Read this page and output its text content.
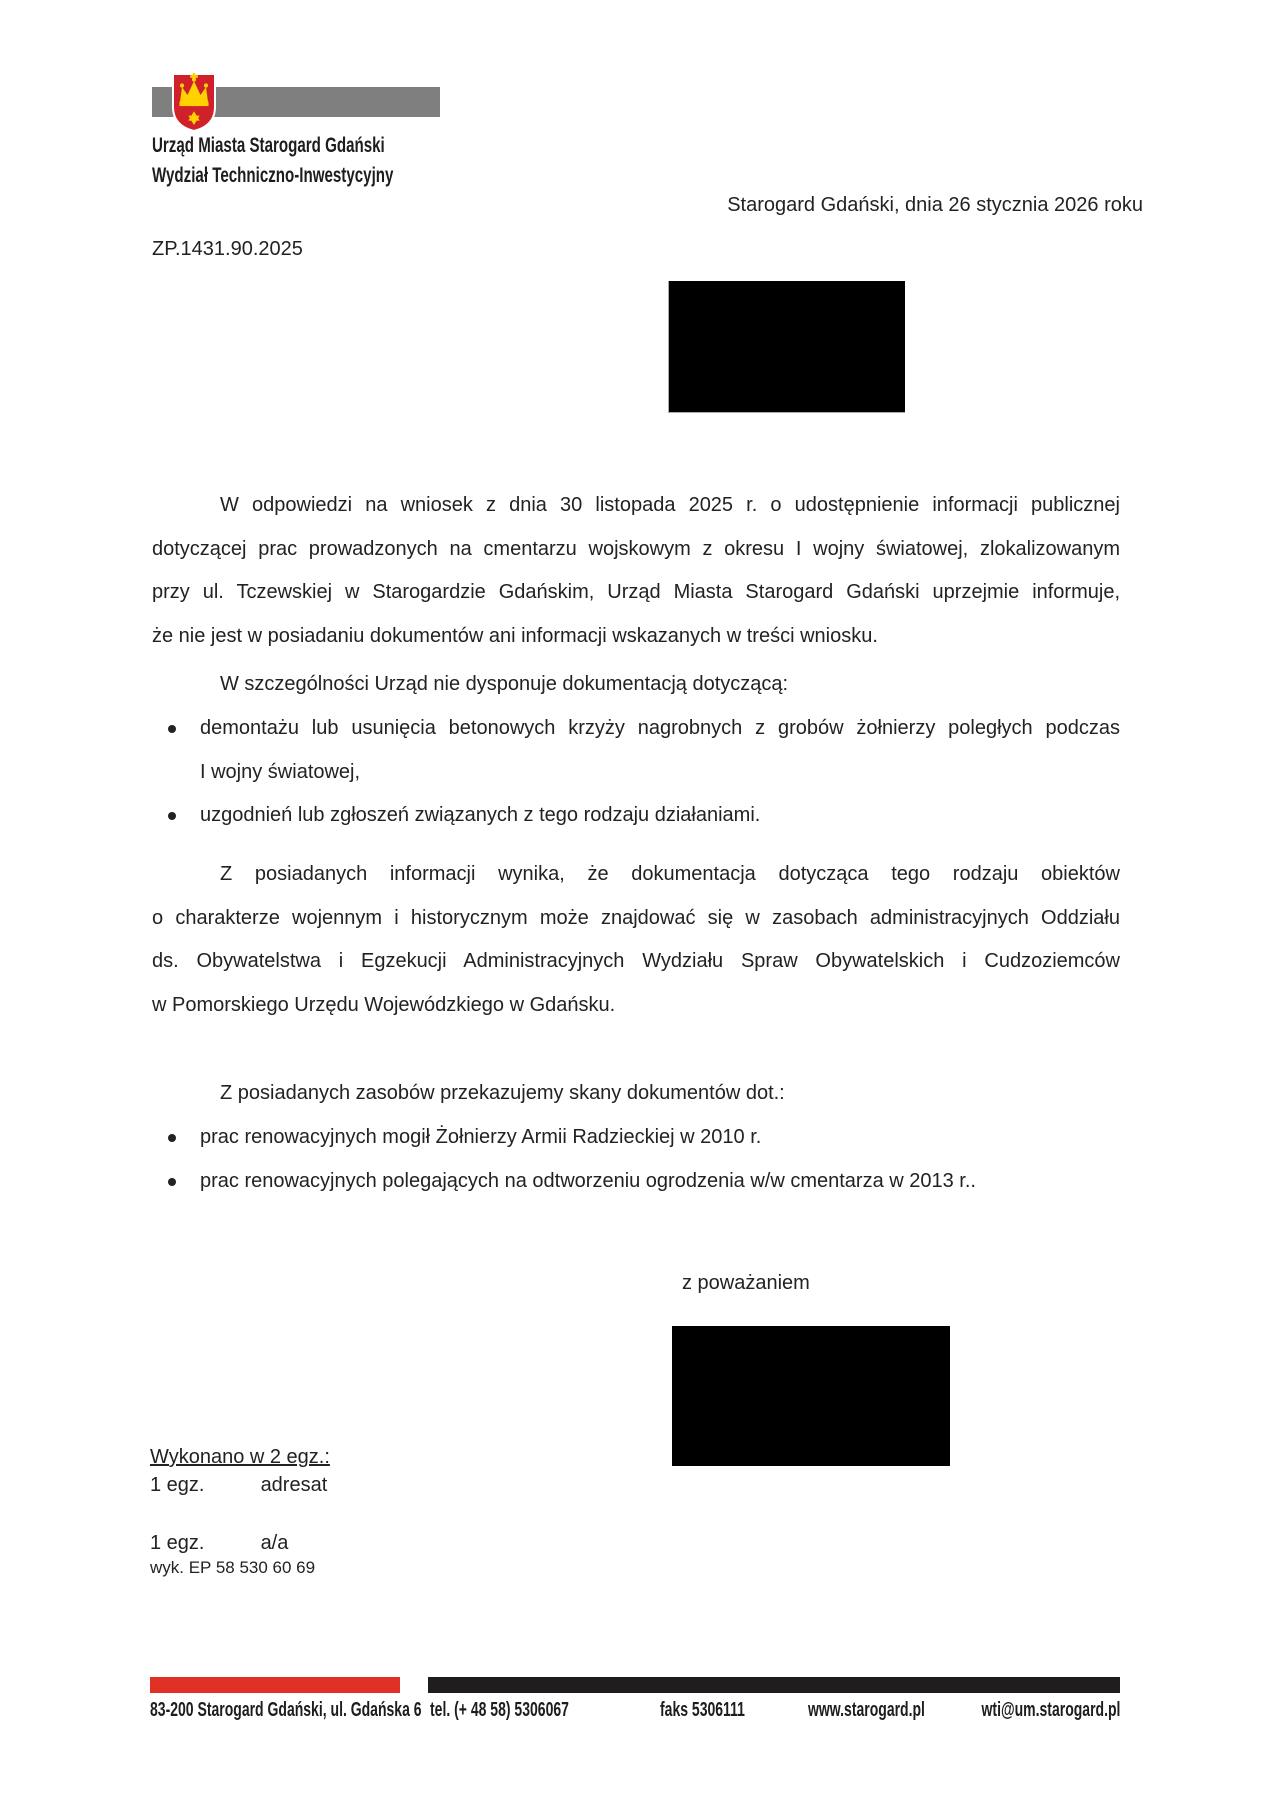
Urząd Miasta Starogard Gdański
Wydział Techniczno-Inwestycyjny
Starogard Gdański, dnia 26 stycznia 2026 roku
ZP.1431.90.2025
W odpowiedzi na wniosek z dnia 30 listopada 2025 r. o udostępnienie informacji publicznej
dotyczącej prac prowadzonych na cmentarzu wojskowym z okresu I wojny światowej, zlokalizowanym
przy ul. Tczewskiej w Starogardzie Gdańskim, Urząd Miasta Starogard Gdański uprzejmie informuje,
że nie jest w posiadaniu dokumentów ani informacji wskazanych w treści wniosku.
W szczególności Urząd nie dysponuje dokumentacją dotyczącą:
demontażu lub usunięcia betonowych krzyży nagrobnych z grobów żołnierzy poległych podczas
I wojny światowej,
uzgodnień lub zgłoszeń związanych z tego rodzaju działaniami.
Z posiadanych informacji wynika, że dokumentacja dotycząca tego rodzaju obiektów
o charakterze wojennym i historycznym może znajdować się w zasobach administracyjnych Oddziału
ds. Obywatelstwa i Egzekucji Administracyjnych Wydziału Spraw Obywatelskich i Cudzoziemców
w Pomorskiego Urzędu Wojewódzkiego w Gdańsku.
Z posiadanych zasobów przekazujemy skany dokumentów dot.:
prac renowacyjnych mogił Żołnierzy Armii Radzieckiej w 2010 r.
prac renowacyjnych polegających na odtworzeniu ogrodzenia w/w cmentarza w 2013 r..
z poważaniem
Wykonano w 2 egz.:
1 egz.	adresat
1 egz.	a/a
wyk. EP 58 530 60 69
83-200 Starogard Gdański, ul. Gdańska 6 tel. (+ 48 58) 5306067	faks 5306111	www.starogard.pl	wti@um.starogard.pl
